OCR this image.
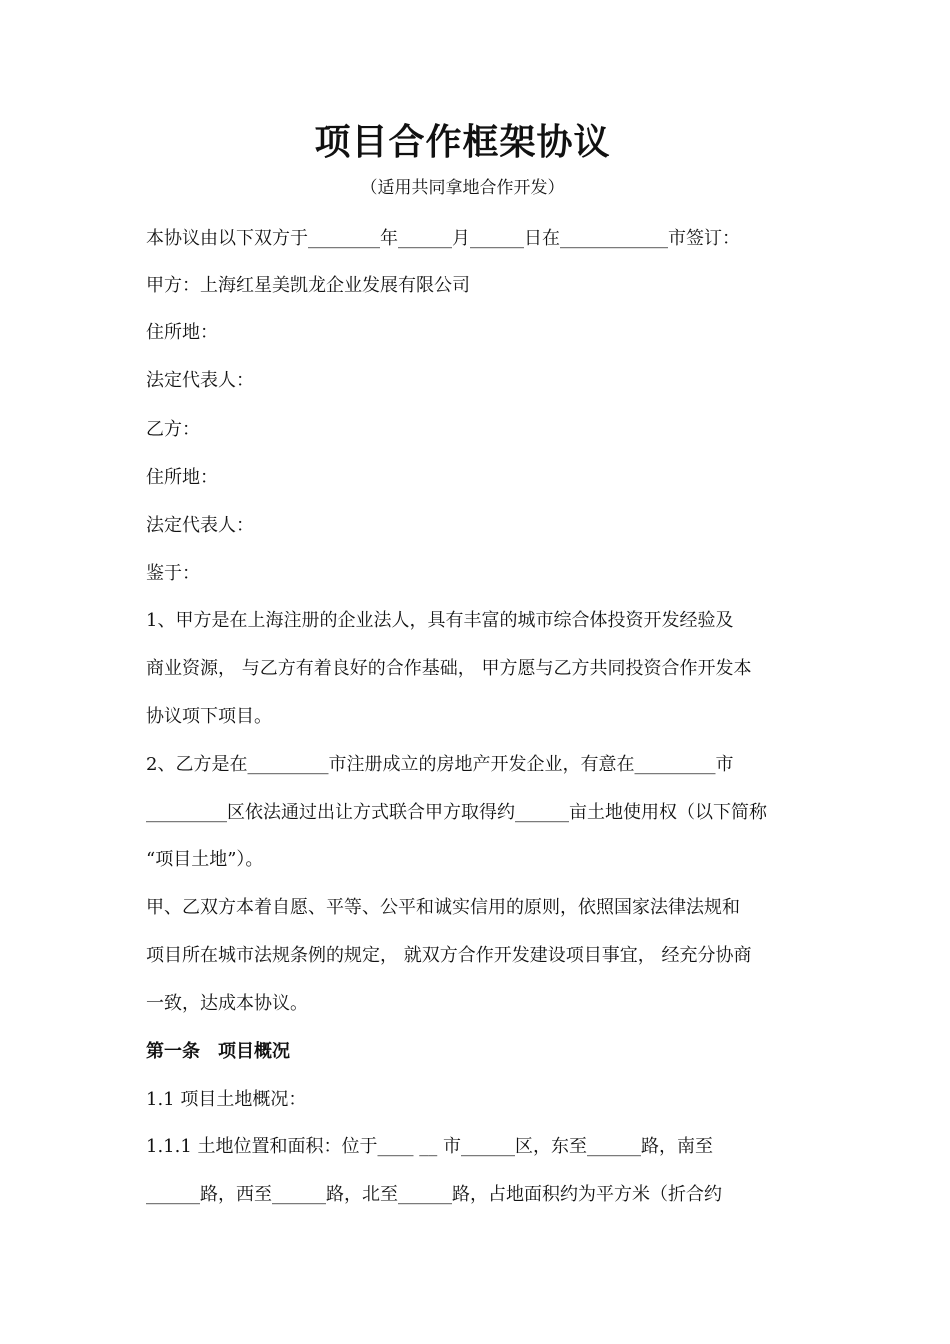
项目合作框架协议
（适用共同拿地合作开发）
本协议由以下双方于________年______月______日在____________市签订：
甲方：上海红星美凯龙企业发展有限公司
住所地：
法定代表人：
乙方：
住所地：
法定代表人：
鉴于：
1、甲方是在上海注册的企业法人，具有丰富的城市综合体投资开发经验及
商业资源， 与乙方有着良好的合作基础， 甲方愿与乙方共同投资合作开发本
协议项下项目。
2、乙方是在_________市注册成立的房地产开发企业，有意在_________市
_________区依法通过出让方式联合甲方取得约______亩土地使用权（以下简称
“项目土地”）。
甲、乙双方本着自愿、平等、公平和诚实信用的原则，依照国家法律法规和
项目所在城市法规条例的规定， 就双方合作开发建设项目事宜， 经充分协商
一致，达成本协议。
第一条　项目概况
1.1 项目土地概况：
1.1.1 土地位置和面积：位于____ __ 市______区，东至______路，南至
______路，西至______路，北至______路，占地面积约为平方米（折合约
